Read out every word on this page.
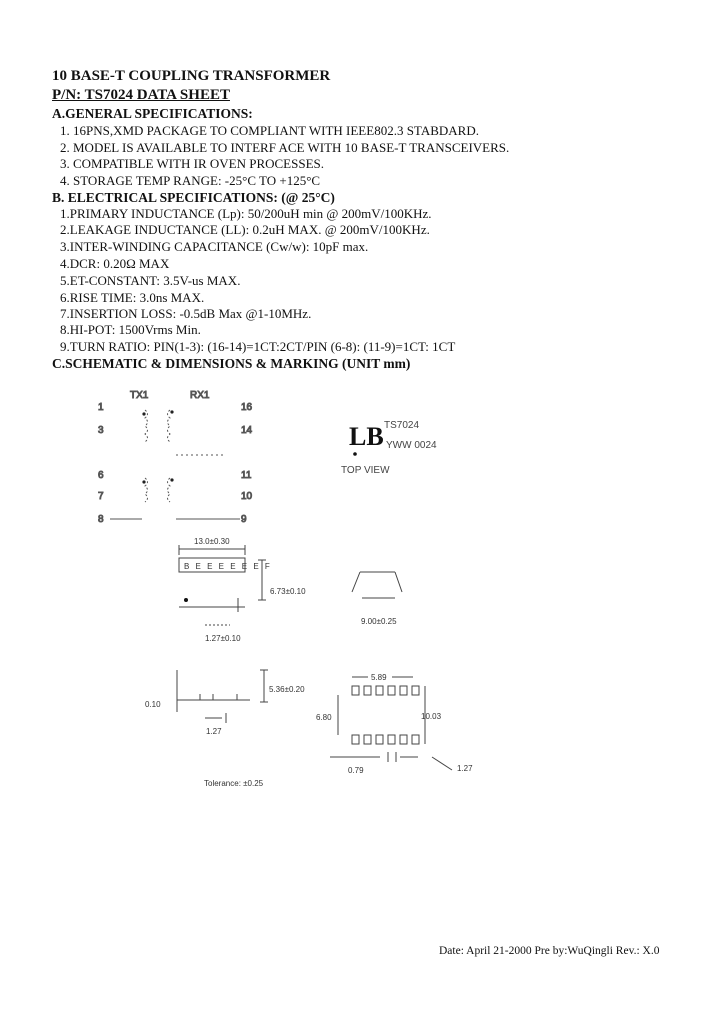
10 BASE-T COUPLING TRANSFORMER
P/N: TS7024 DATA SHEET
A.GENERAL SPECIFICATIONS:
1. 16PNS,XMD PACKAGE TO COMPLIANT WITH IEEE802.3 STABDARD.
2. MODEL IS AVAILABLE TO INTERF ACE WITH 10 BASE-T TRANSCEIVERS.
3. COMPATIBLE WITH IR OVEN PROCESSES.
4. STORAGE TEMP RANGE: -25°C TO +125°C
B. ELECTRICAL SPECIFICATIONS: (@ 25°C)
1.PRIMARY INDUCTANCE (Lp): 50/200uH min @ 200mV/100KHz.
2.LEAKAGE INDUCTANCE (LL): 0.2uH MAX. @ 200mV/100KHz.
3.INTER-WINDING CAPACITANCE (Cw/w): 10pF max.
4.DCR: 0.20Ω MAX
5.ET-CONSTANT: 3.5V-us MAX.
6.RISE TIME: 3.0ns MAX.
7.INSERTION LOSS: -0.5dB Max @1-10MHz.
8.HI-POT: 1500Vrms Min.
9.TURN RATIO: PIN(1-3): (16-14)=1CT:2CT/PIN (6-8): (11-9)=1CT: 1CT
C.SCHEMATIC & DIMENSIONS & MARKING (UNIT mm)
TX1	RX1
1
3
6
7
8
16
14
11
10
9
LB TS7024
YWW 0024
TOP VIEW
13.0±0.30
B E E E E E E F
6.73±0.10
1.27±0.10
9.00±0.25
5.36±0.20
0.10
1.27
5.89
6.80	10.03
0.79	1.27
Tolerance: ±0.25
Date: April 21-2000 Pre by:WuQingli Rev.: X.0
